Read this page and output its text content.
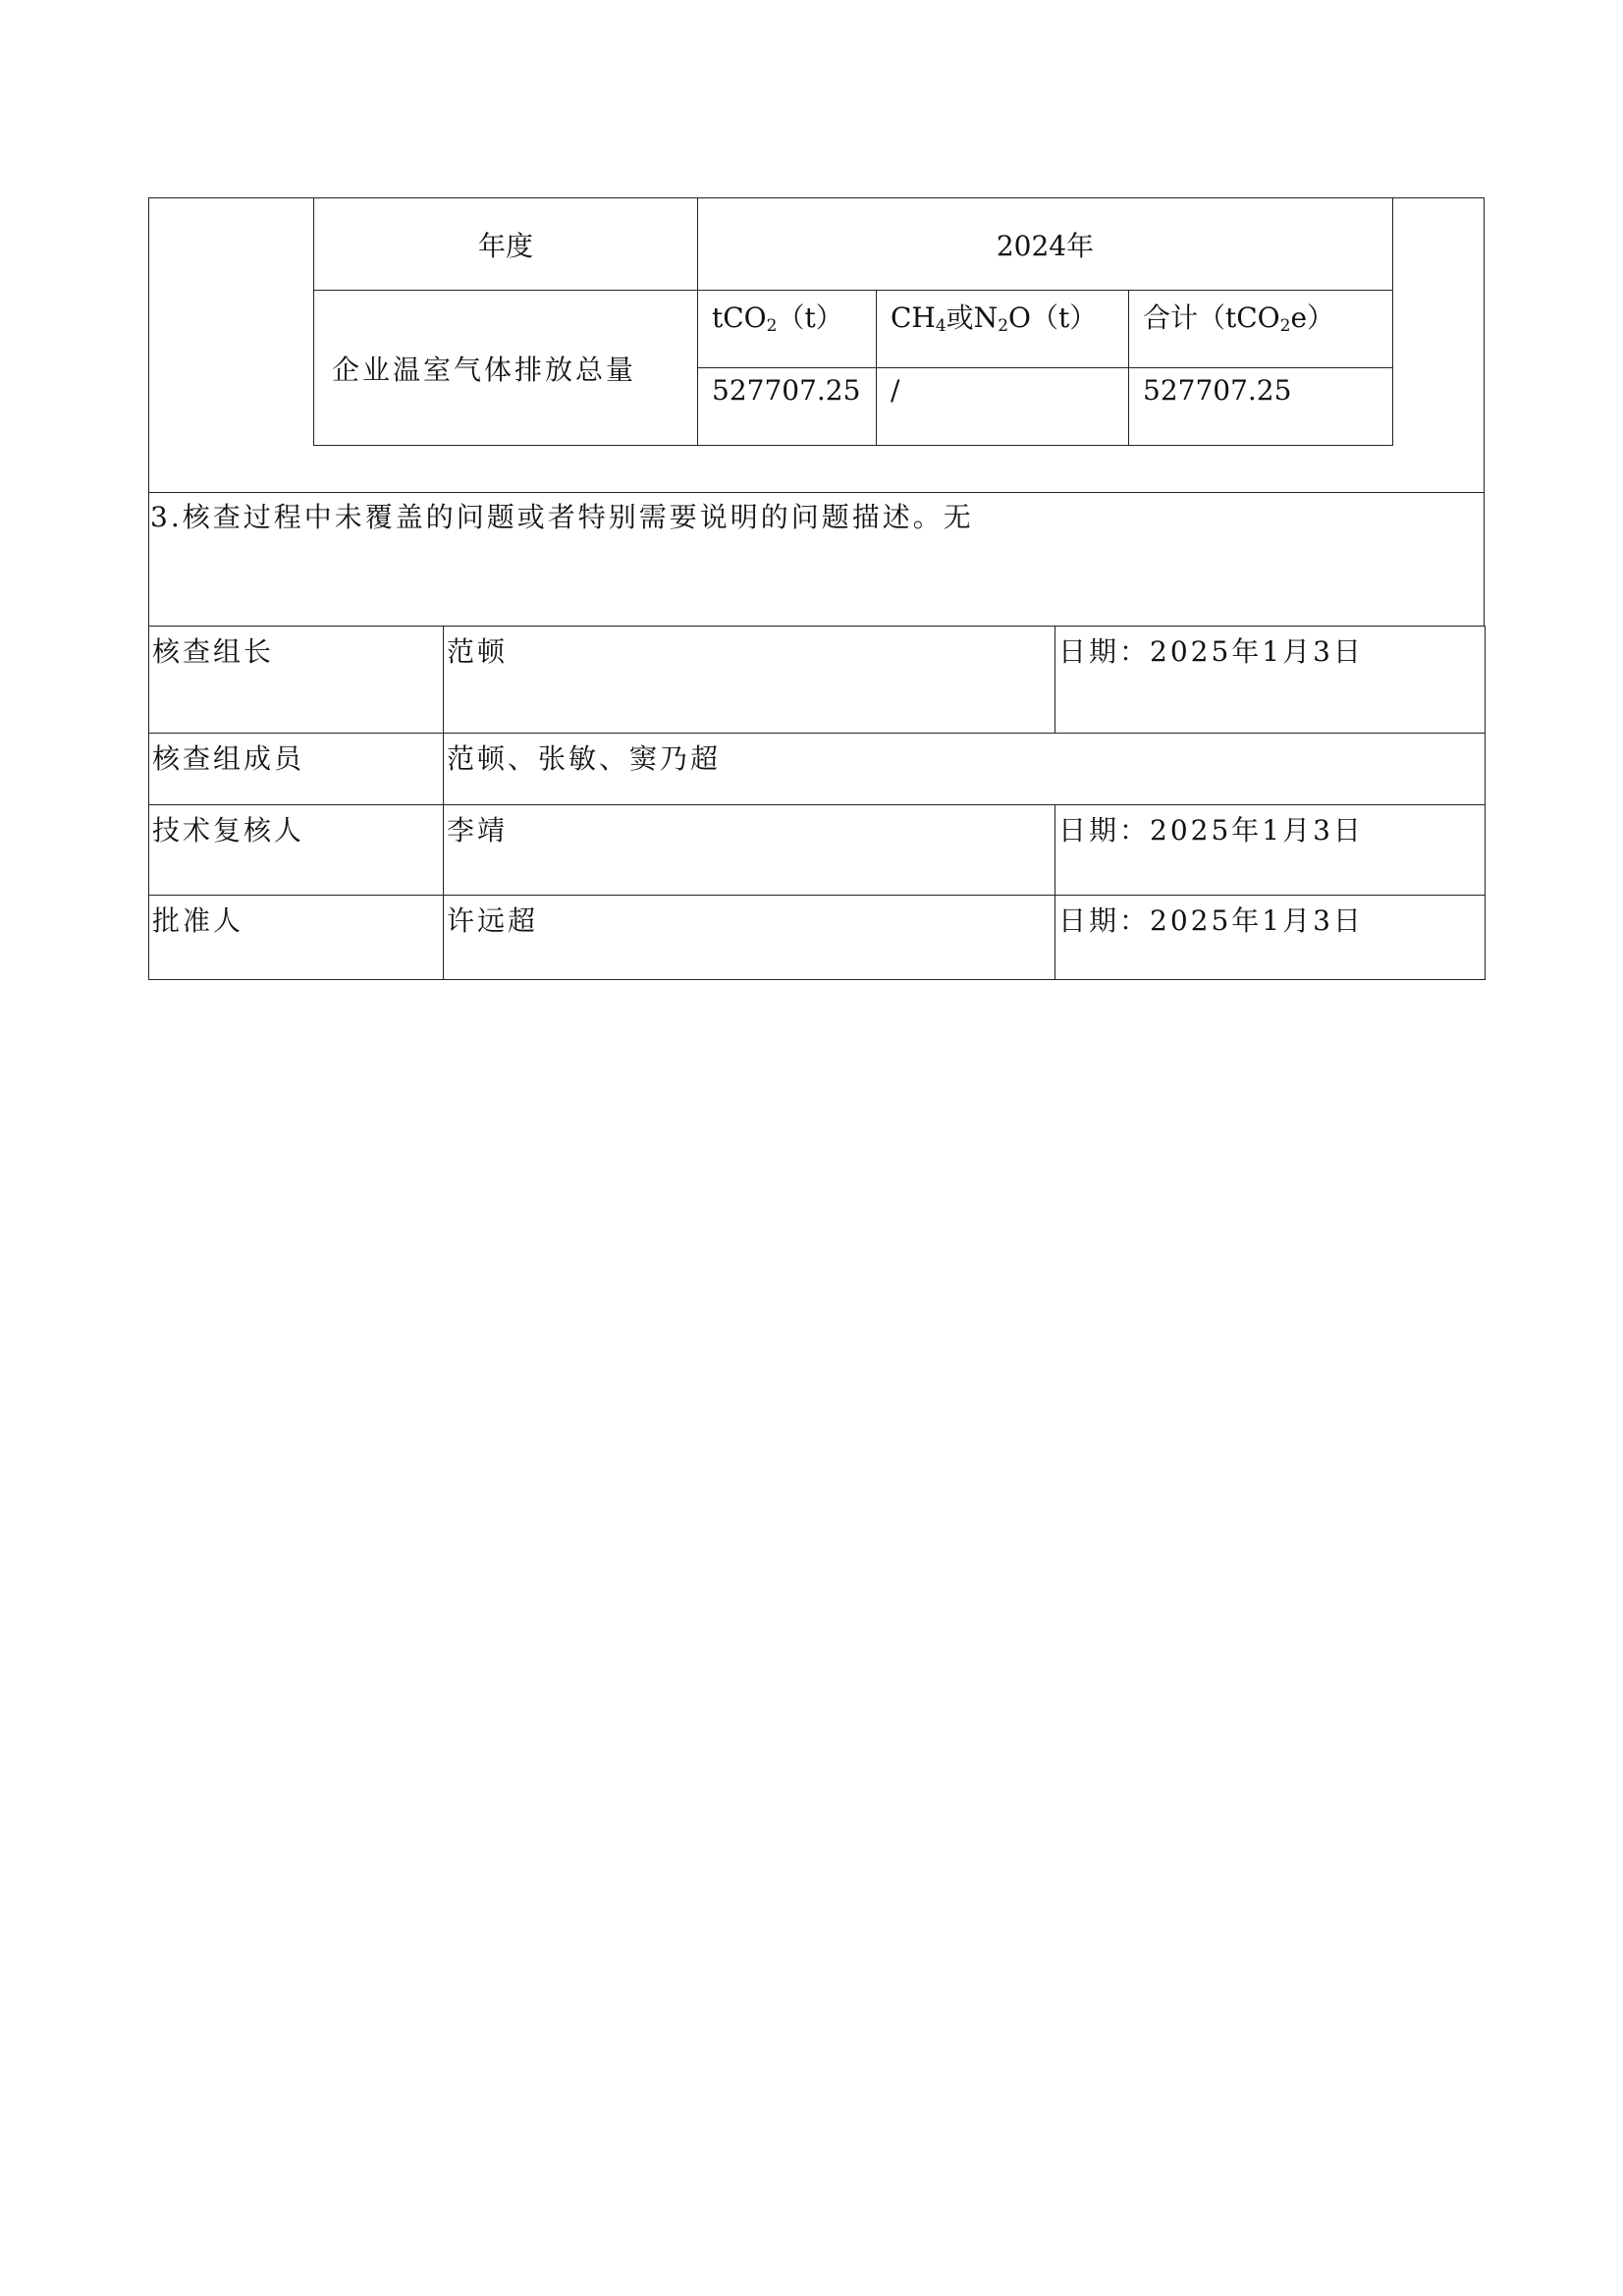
年度	2024年		
企业温室气体排放总量	tCO$_2$（t）	$CH_4$或$N_2O(t)$	合计（tCO$_2$e）
	527707.25	/	527707.25
3.核查过程中未覆盖的问题或者特别需要说明的问题描述。无
核查组长	范顿	日期：2025年1月3日
核查组成员	范顿、张敏、窦乃超	
技术复核人	李靖	日期：2025年1月3日
批准人	许远超	日期：2025年1月3日
